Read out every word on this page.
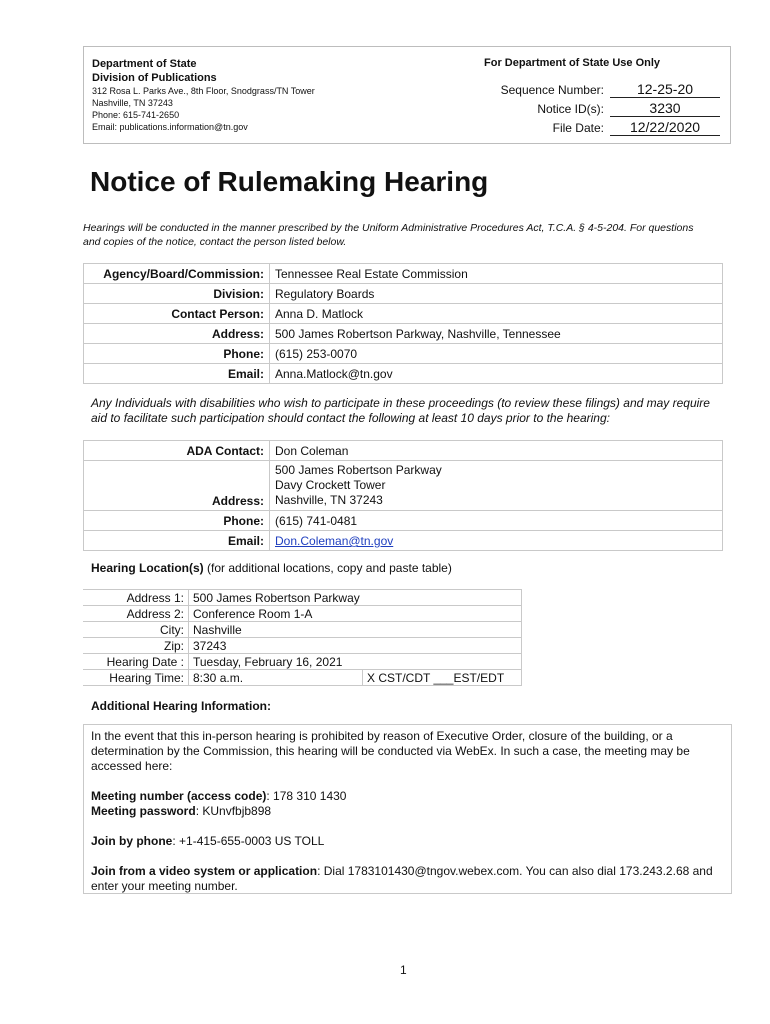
Department of State
Division of Publications
312 Rosa L. Parks Ave., 8th Floor, Snodgrass/TN Tower
Nashville, TN 37243
Phone: 615-741-2650
Email: publications.information@tn.gov
For Department of State Use Only
Sequence Number: 12-25-20
Notice ID(s):	3230
File Date: 12/22/2020
Notice of Rulemaking Hearing
Hearings will be conducted in the manner prescribed by the Uniform Administrative Procedures Act, T.C.A. § 4-5-204. For questions and copies of the notice, contact the person listed below.
Agency/Board/Commission:	Tennessee Real Estate Commission
Division:	Regulatory Boards
Contact Person:	Anna D. Matlock
Address:	500 James Robertson Parkway, Nashville, Tennessee
Phone:	(615) 253-0070
Email:	Anna.Matlock@tn.gov
Any Individuals with disabilities who wish to participate in these proceedings (to review these filings) and may require aid to facilitate such participation should contact the following at least 10 days prior to the hearing:
ADA Contact:	Don Coleman
Address:	500 James Robertson Parkway
Davy Crockett Tower
Nashville, TN 37243

Phone:	(615) 741-0481
Email:	Don.Coleman@tn.gov
Hearing Location(s) (for additional locations, copy and paste table)
Address 1:	500 James Robertson Parkway	
Address 2:	Conference Room 1-A	
City:	Nashville	
Zip:	37243	
Hearing Date :	Tuesday, February 16, 2021	
Hearing Time:	8:30 a.m.	X CST/CDT ___EST/EDT
Additional Hearing Information:

In the event that this in-person hearing is prohibited by reason of Executive Order, closure of the building, or a determination by the Commission, this hearing will be conducted via WebEx. In such a case, the meeting may be accessed here:

Meeting number (access code): 178 310 1430
Meeting password: KUnvfbjb898

Join by phone: +1-415-655-0003 US TOLL

Join from a video system or application: Dial 1783101430@tngov.webex.com. You can also dial 173.243.2.68 and enter your meeting number.

1
